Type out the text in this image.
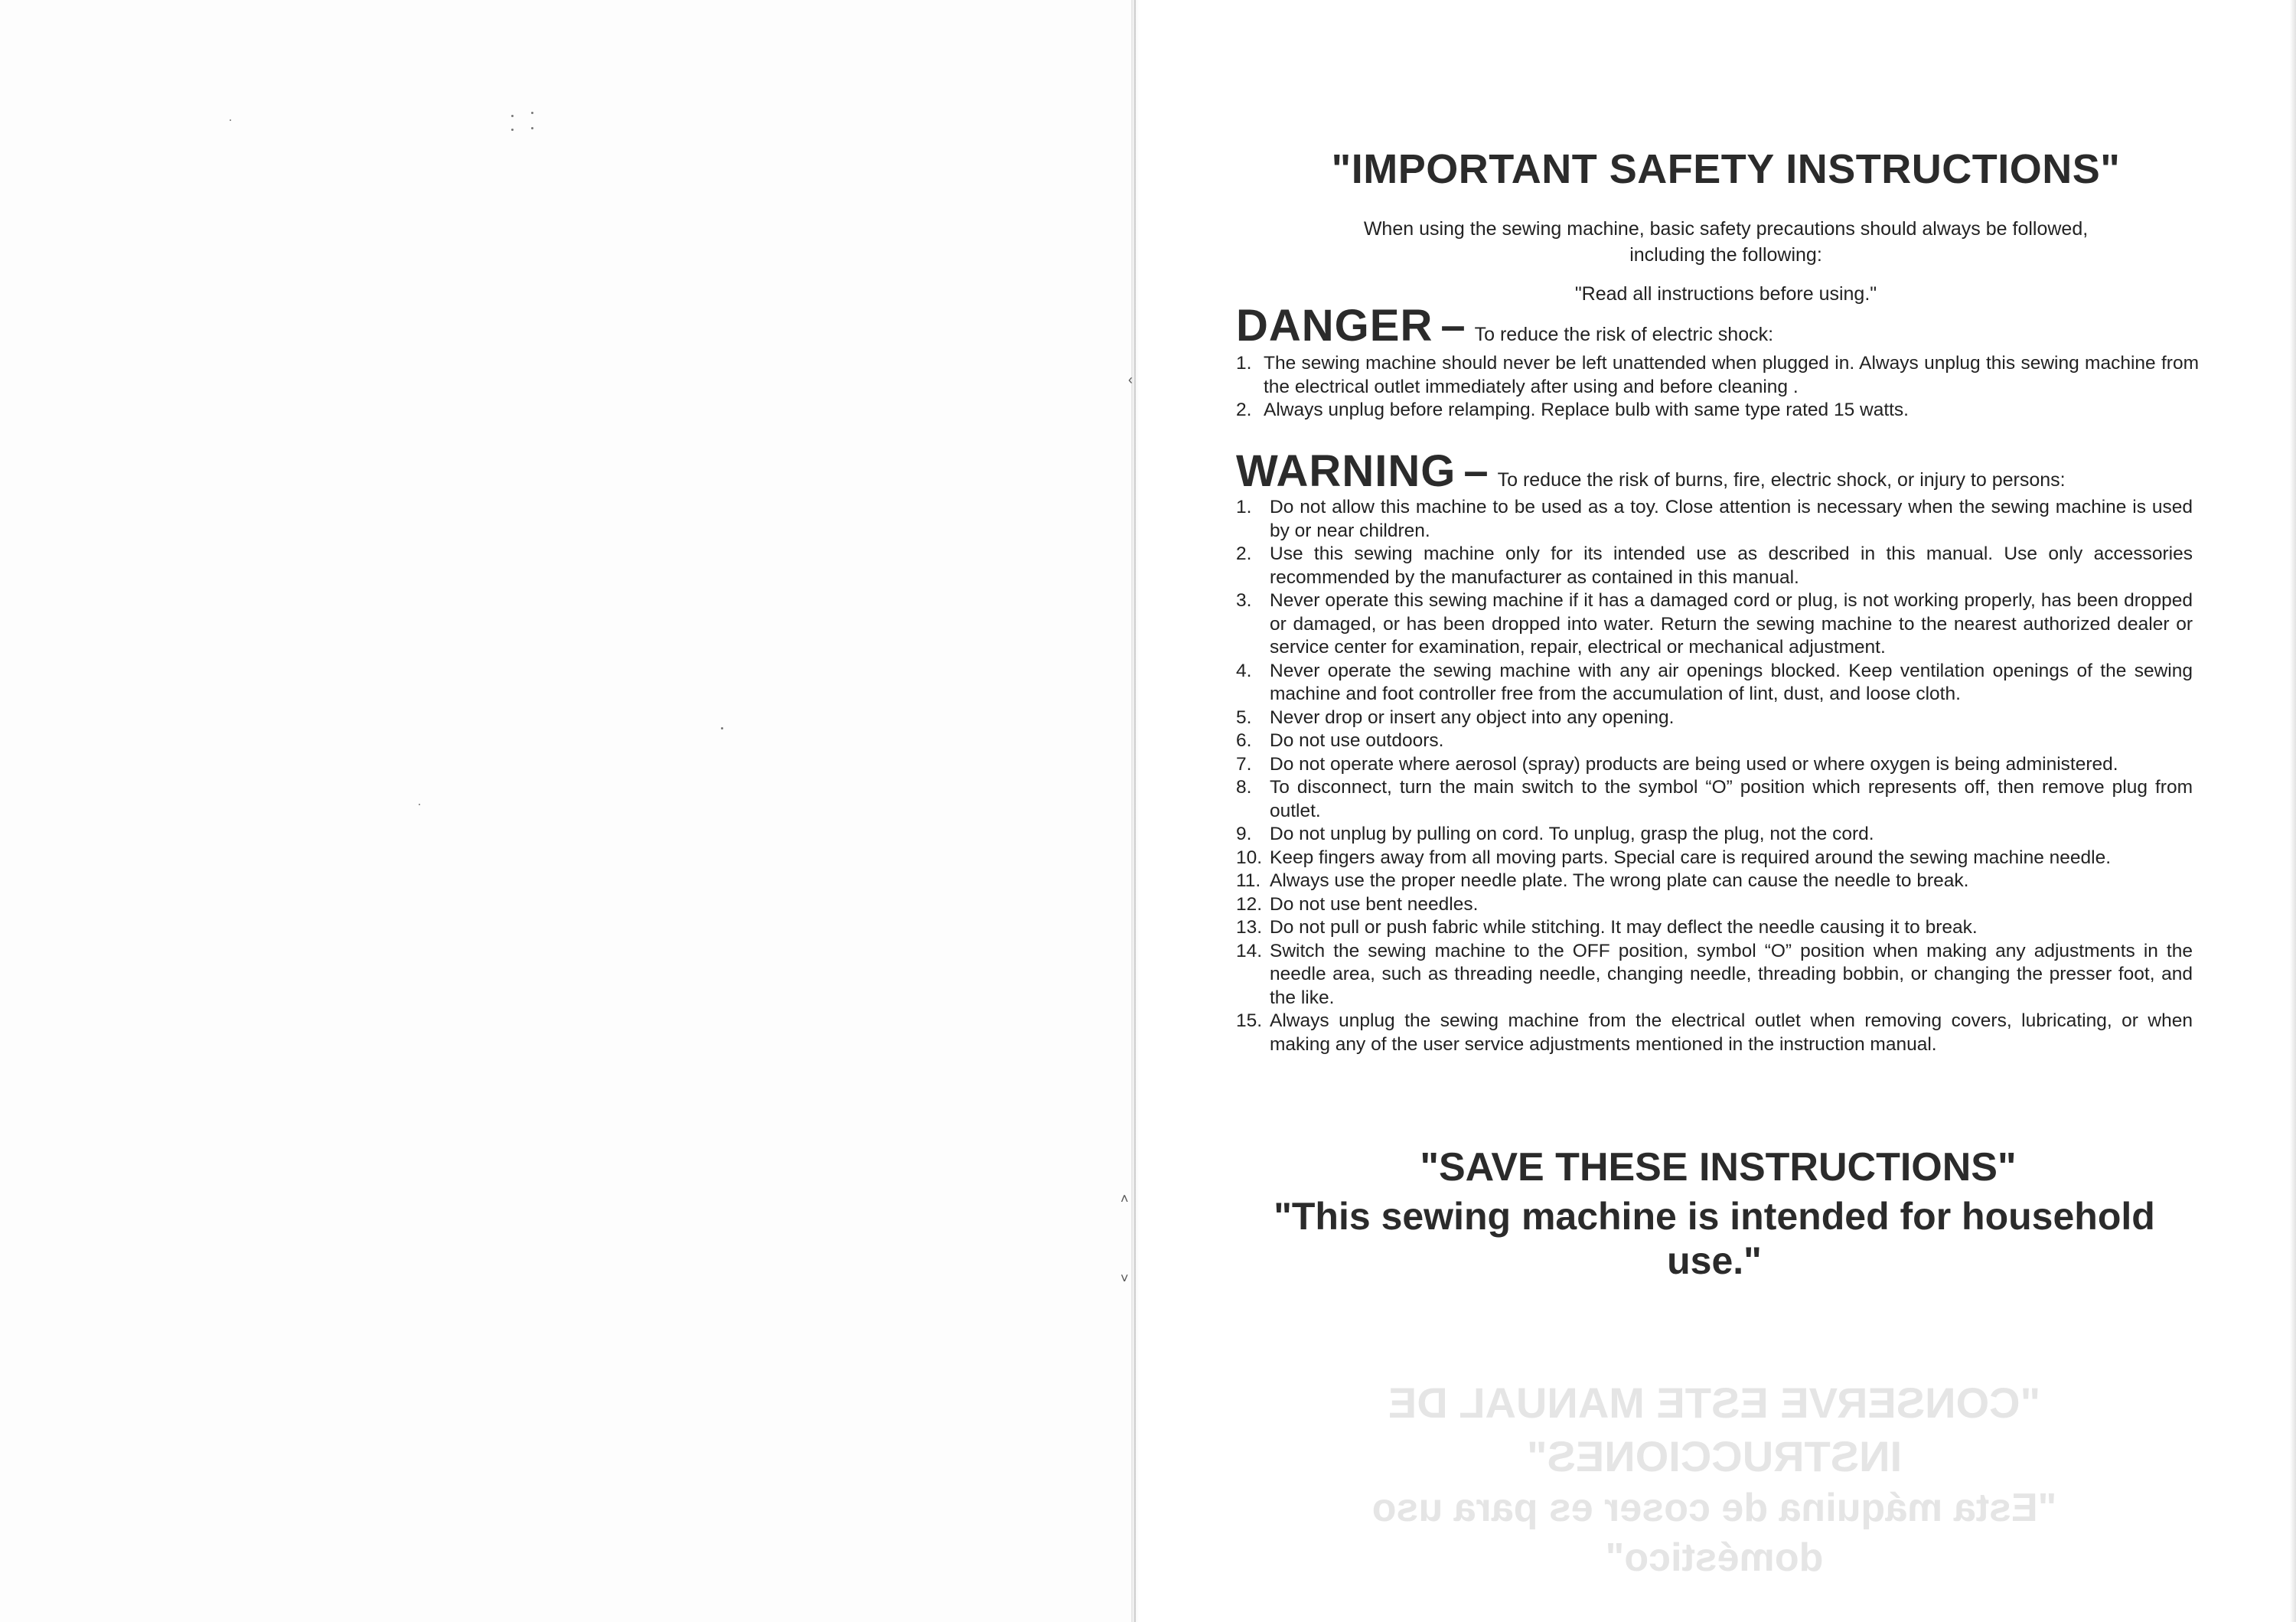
‹
˄
˅
"CONSERVE ESTE MANUAL DE
INSTRUCCIONES"
"Esta máquina de coser es para uso
doméstico"
"IMPORTANT SAFETY INSTRUCTIONS"
When using the sewing machine, basic safety precautions should always be followed,
including the following:
"Read all instructions before using."
DANGER – To reduce the risk of electric shock:
1. The sewing machine should never be left unattended when plugged in. Always unplug this sewing machine from the electrical outlet immediately after using and before cleaning .
2. Always unplug before relamping. Replace bulb with same type rated 15 watts.
WARNING – To reduce the risk of burns, fire, electric shock, or injury to persons:
1. Do not allow this machine to be used as a toy. Close attention is necessary when the sewing machine is used by or near children.
2. Use this sewing machine only for its intended use as described in this manual. Use only accessories recommended by the manufacturer as contained in this manual.
3. Never operate this sewing machine if it has a damaged cord or plug, is not working properly, has been dropped or damaged, or has been dropped into water. Return the sewing machine to the nearest authorized dealer or service center for examination, repair, electrical or mechanical adjustment.
4. Never operate the sewing machine with any air openings blocked. Keep ventilation openings of the sewing machine and foot controller free from the accumulation of lint, dust, and loose cloth.
5. Never drop or insert any object into any opening.
6. Do not use outdoors.
7. Do not operate where aerosol (spray) products are being used or where oxygen is being administered.
8. To disconnect, turn the main switch to the symbol “O” position which represents off, then remove plug from outlet.
9. Do not unplug by pulling on cord. To unplug, grasp the plug, not the cord.
10. Keep fingers away from all moving parts. Special care is required around the sewing machine needle.
11. Always use the proper needle plate. The wrong plate can cause the needle to break.
12. Do not use bent needles.
13. Do not pull or push fabric while stitching. It may deflect the needle causing it to break.
14. Switch the sewing machine to the OFF position, symbol “O” position when making any adjustments in the needle area, such as threading needle, changing needle, threading bobbin, or changing the presser foot, and the like.
15. Always unplug the sewing machine from the electrical outlet when removing covers, lubricating, or when making any of the user service adjustments mentioned in the instruction manual.
"SAVE THESE INSTRUCTIONS"
"This sewing machine is intended for household use."
